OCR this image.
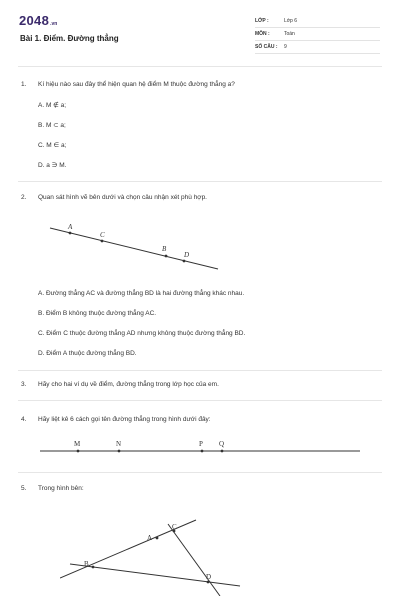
2048.vn
Bài 1. Điểm. Đường thẳng
LỚP :	Lớp 6
MÔN :	Toán
SỐ CÂU : 9
1. Kí hiệu nào sau đây thể hiện quan hệ điểm M thuộc đường thẳng a?
A. M ∉ a;
B. M ⊂ a;
C. M ∈ a;
D. a ∋ M.
2. Quan sát hình vẽ bên dưới và chọn câu nhận xét phù hợp.
A
C
B
D
A. Đường thẳng AC và đường thẳng BD là hai đường thẳng khác nhau.
B. Điểm B không thuộc đường thẳng AC.
C. Điểm C thuộc đường thẳng AD nhưng không thuộc đường thẳng BD.
D. Điểm A thuộc đường thẳng BD.
3. Hãy cho hai ví dụ về điểm, đường thẳng trong lớp học của em.
4. Hãy liệt kê 6 cách gọi tên đường thẳng trong hình dưới đây:
M	N	P Q
5. Trong hình bên:
A
C
B
D
